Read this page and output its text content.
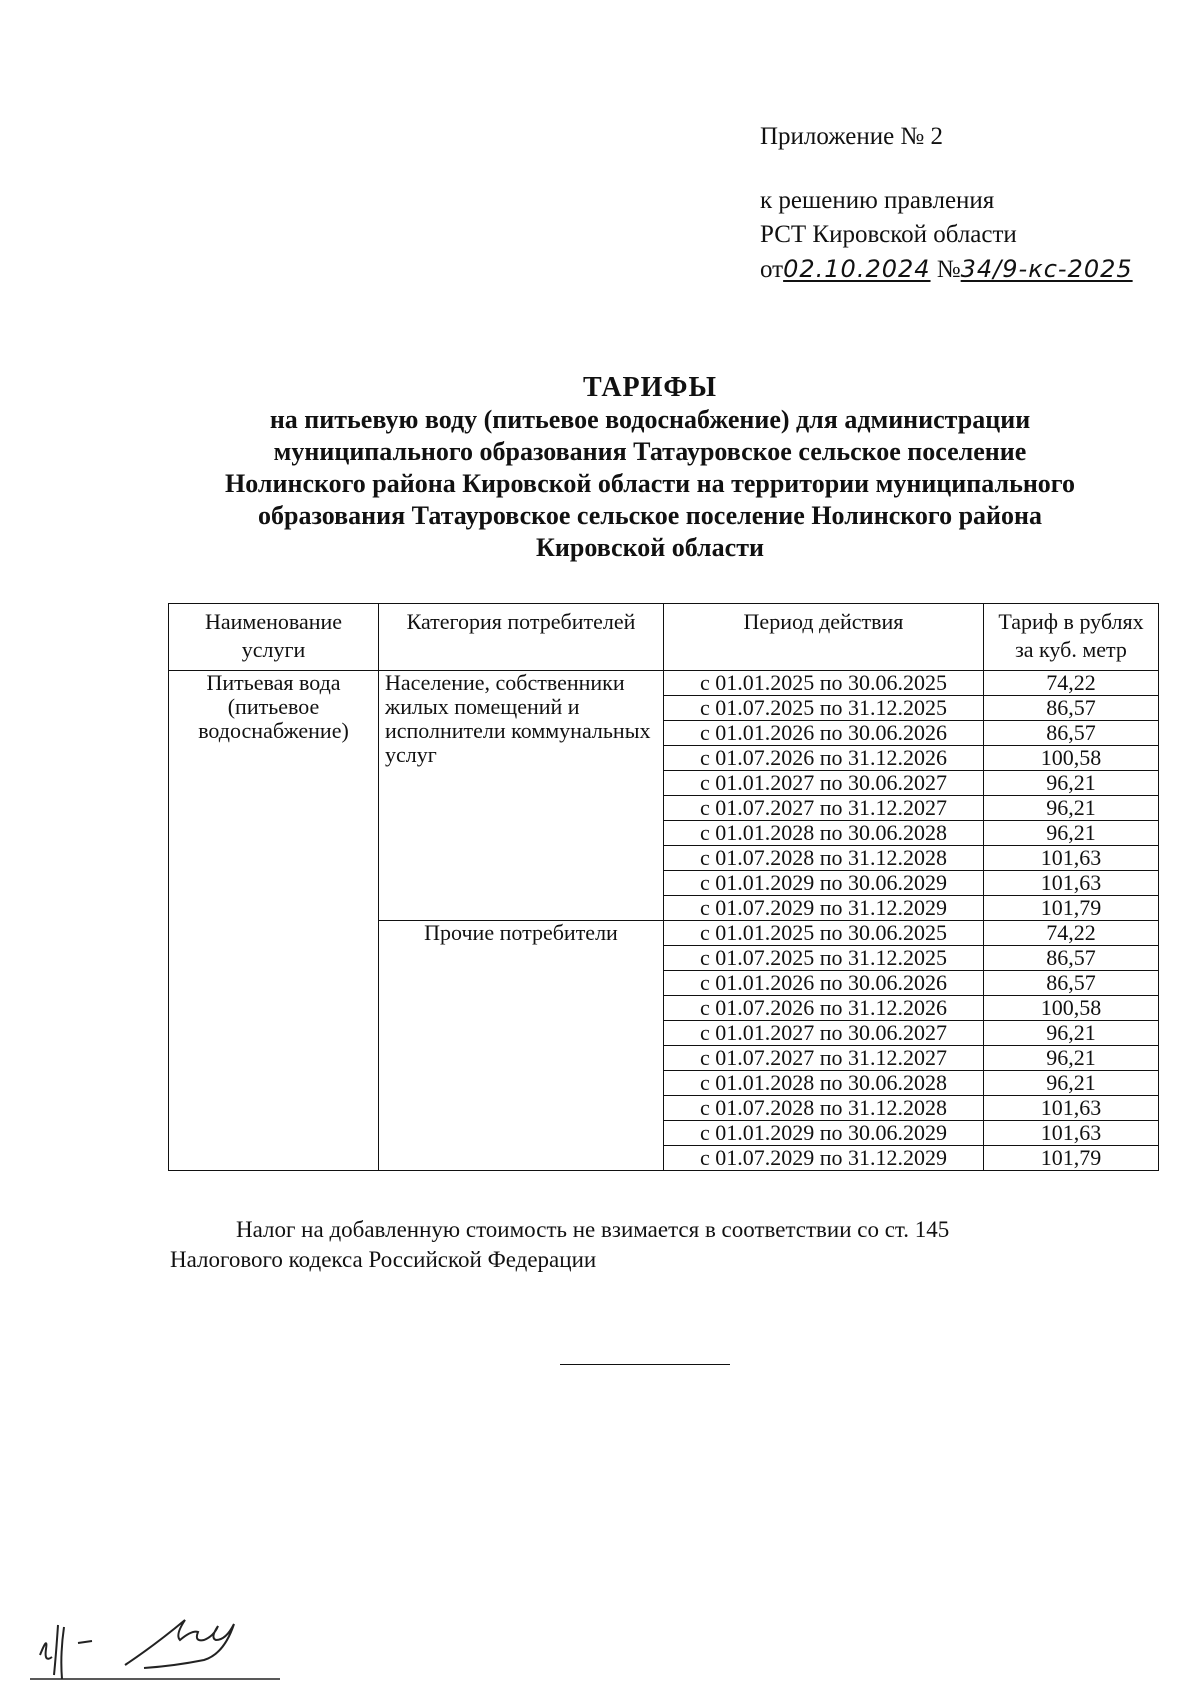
Приложение № 2
к решению правления
РСТ Кировской области
от02.10.2024 №34/9-кс-2025
ТАРИФЫ
на питьевую воду (питьевое водоснабжение) для администрации
муниципального образования Татауровское сельское поселение
Нолинского района Кировской области на территории муниципального
образования Татауровское сельское поселение Нолинского района
Кировской области
Наименование услуги	Категория потребителей	Период действия	Тариф в рублях за куб. метр
Питьевая вода (питьевое водоснабжение)	Население, собственники жилых помещений и исполнители коммунальных услуг	с 01.01.2025 по 30.06.2025	74,22
		с 01.07.2025 по 31.12.2025	86,57
		с 01.01.2026 по 30.06.2026	86,57
		с 01.07.2026 по 31.12.2026	100,58
		с 01.01.2027 по 30.06.2027	96,21
		с 01.07.2027 по 31.12.2027	96,21
		с 01.01.2028 по 30.06.2028	96,21
		с 01.07.2028 по 31.12.2028	101,63
		с 01.01.2029 по 30.06.2029	101,63
		с 01.07.2029 по 31.12.2029	101,79
	Прочие потребители	с 01.01.2025 по 30.06.2025	74,22
		с 01.07.2025 по 31.12.2025	86,57
		с 01.01.2026 по 30.06.2026	86,57
		с 01.07.2026 по 31.12.2026	100,58
		с 01.01.2027 по 30.06.2027	96,21
		с 01.07.2027 по 31.12.2027	96,21
		с 01.01.2028 по 30.06.2028	96,21
		с 01.07.2028 по 31.12.2028	101,63
		с 01.01.2029 по 30.06.2029	101,63
		с 01.07.2029 по 31.12.2029	101,79
Налог на добавленную стоимость не взимается в соответствии со ст. 145
Налогового кодекса Российской Федерации
